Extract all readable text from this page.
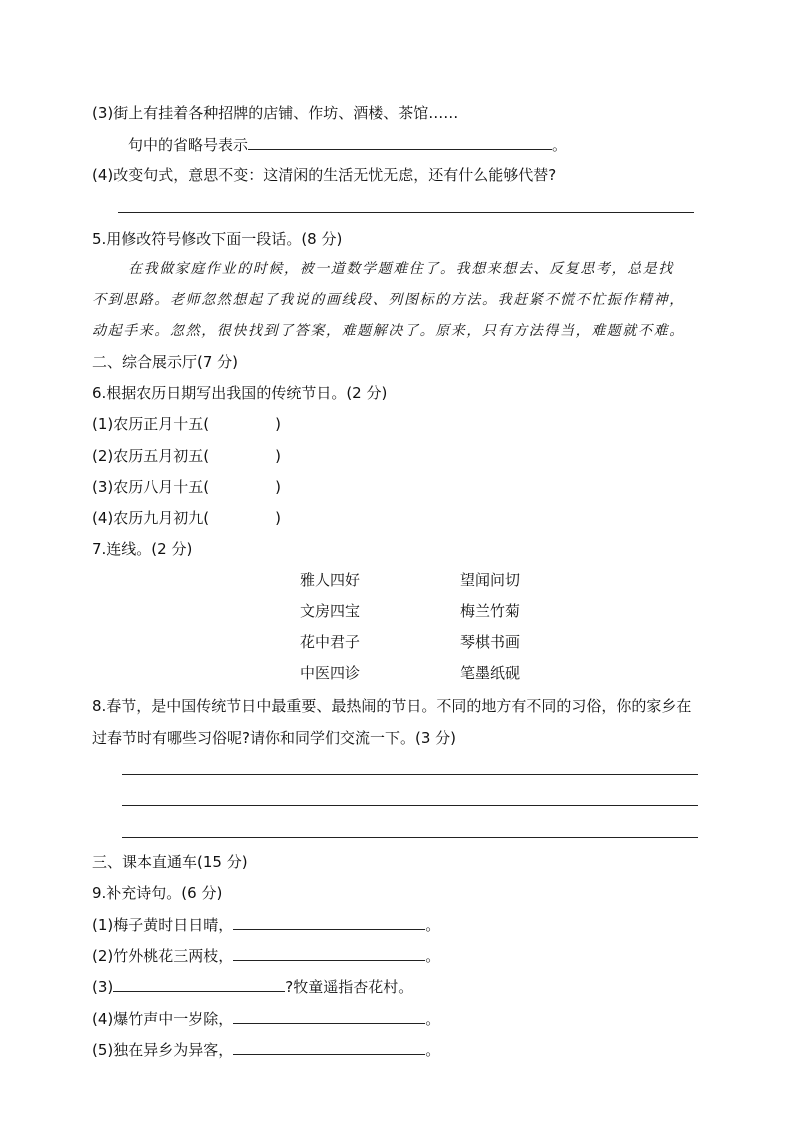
(3)街上有挂着各种招牌的店铺、作坊、酒楼、茶馆……
句中的省略号表示	。
(4)改变句式，意思不变：这清闲的生活无忧无虑，还有什么能够代替?
5.用修改符号修改下面一段话。(8 分)

在我做家庭作业的时候，被一道数学题难住了。我想来想去、反复思考，总是找

不到思路。老师忽然想起了我说的画线段、列图标的方法。我赶紧不慌不忙振作精神，

动起手来。忽然，很快找到了答案，难题解决了。原来，只有方法得当，难题就不难。

二、综合展示厅(7 分)
6.根据农历日期写出我国的传统节日。(2 分)
(1)农历正月十五(	)
(2)农历五月初五(	)
(3)农历八月十五(	)
(4)农历九月初九(	)
7.连线。(2 分)
雅人四好	望闻问切
文房四宝	梅兰竹菊
花中君子	琴棋书画
中医四诊	笔墨纸砚
8.春节，是中国传统节日中最重要、最热闹的节日。不同的地方有不同的习俗，你的家乡在过春节时有哪些习俗呢?请你和同学们交流一下。(3 分)
三、课本直通车(15 分)
9.补充诗句。(6 分)
(1)梅子黄时日日晴，	。
(2)竹外桃花三两枝，	。
(3)	?牧童遥指杏花村。
(4)爆竹声中一岁除，	。
(5)独在异乡为异客，	。
